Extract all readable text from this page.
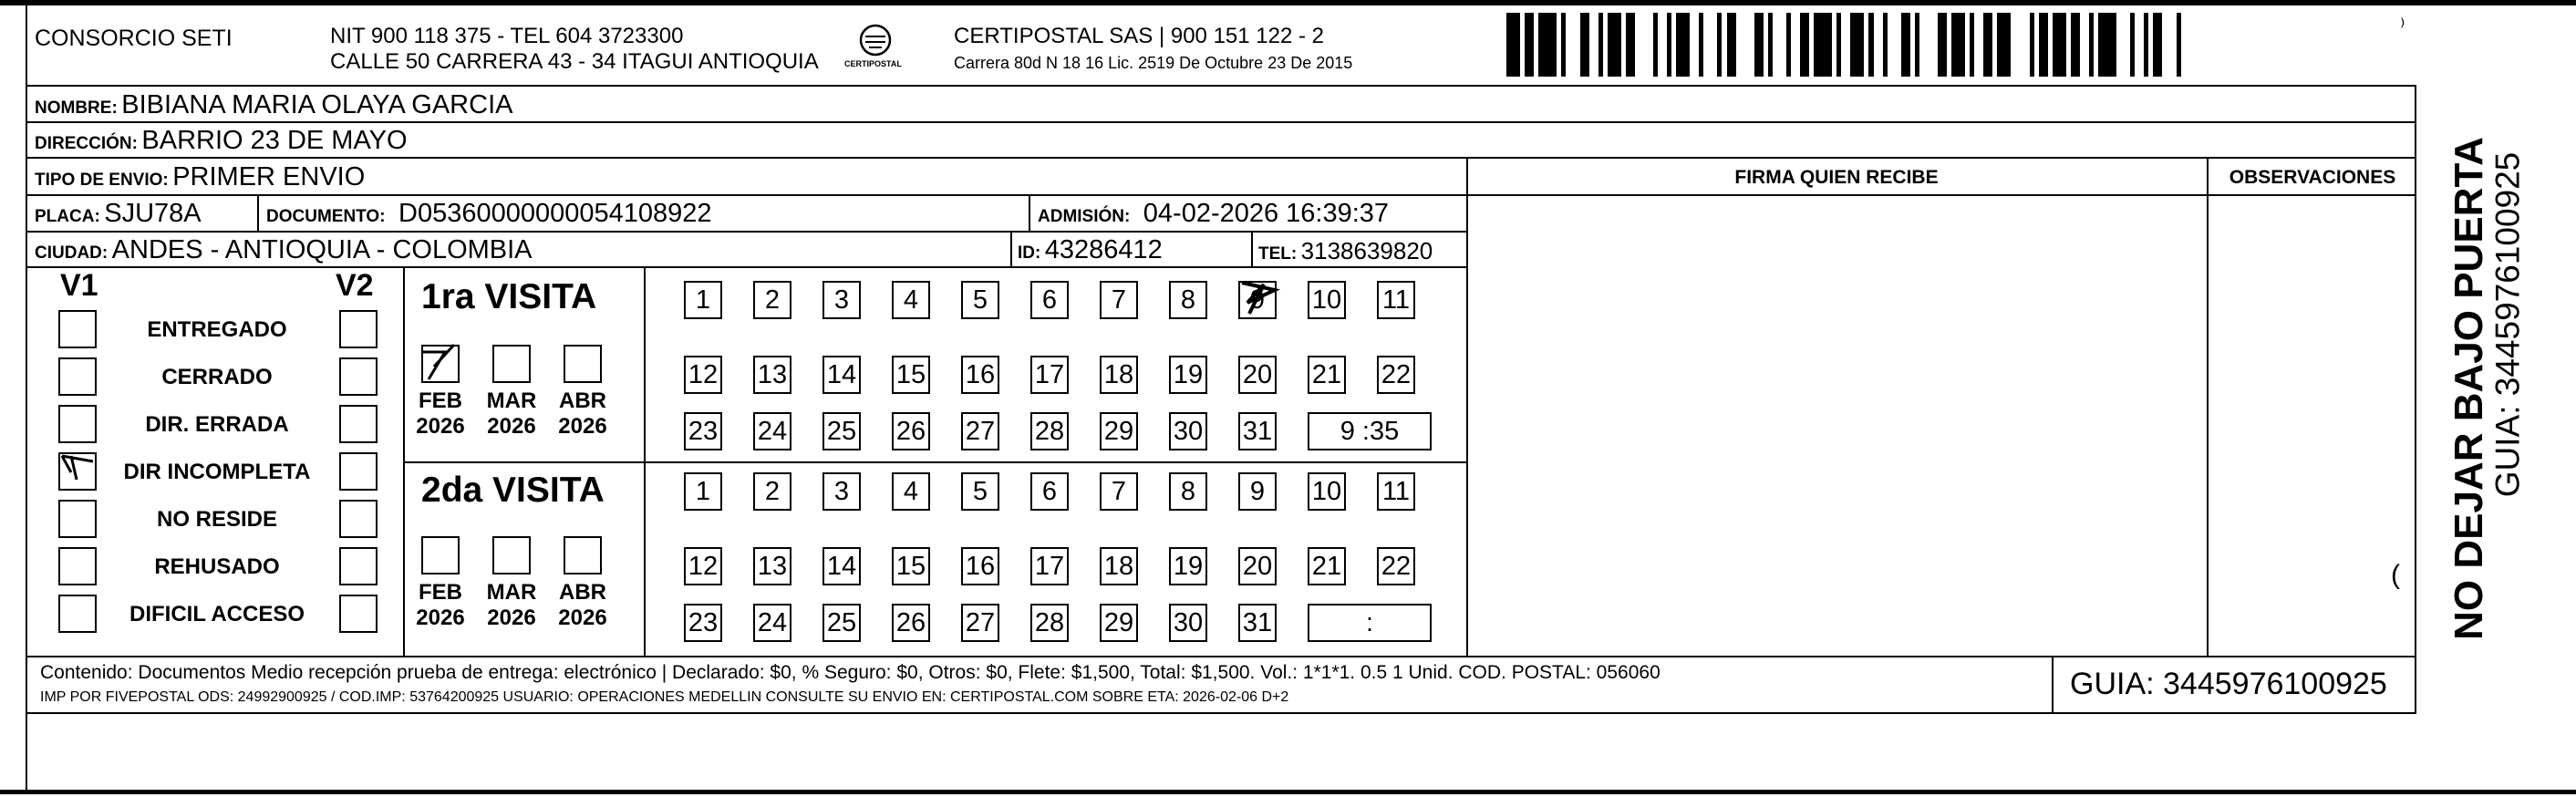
CONSORCIO SETI	NIT 900 118 375 - TEL 604 3723300
CALLE 50 CARRERA 43 - 34 ITAGUI ANTIOQUIA	CERTIPOSTAL
CERTIPOSTAL SAS | 900 151 122 - 2
Carrera 80d N 18 16 Lic. 2519 De Octubre 23 De 2015
⁾
NOMBRE: BIBIANA MARIA OLAYA GARCIA
DIRECCIÓN: BARRIO 23 DE MAYO
TIPO DE ENVIO: PRIMER ENVIO
PLACA: SJU78A	DOCUMENTO: D05360000000054108922	ADMISIÓN: 04-02-2026 16:39:37
CIUDAD: ANDES - ANTIOQUIA - COLOMBIA	ID: 43286412	TEL: 3138639820
FIRMA QUIEN RECIBE	OBSERVACIONES
(
V1	V2 1ra VISITA
2da VISITA
Contenido: Documentos Medio recepción prueba de entrega: electrónico | Declarado: $0, % Seguro: $0, Otros: $0, Flete: $1,500, Total: $1,500. Vol.: 1*1*1. 0.5 1 Unid. COD. POSTAL: 056060
IMP POR FIVEPOSTAL ODS: 24992900925 / COD.IMP: 53764200925 USUARIO: OPERACIONES MEDELLIN CONSULTE SU ENVIO EN: CERTIPOSTAL.COM SOBRE ETA: 2026-02-06 D+2	GUIA: 3445976100925
NO DEJAR BAJO PUERTA
GUIA: 3445976100925
ENTREGADO
CERRADO
DIR. ERRADA
DIR INCOMPLETA
NO RESIDE
REHUSADO
DIFICIL ACCESO
FEB
2026
MAR
2026
ABR
2026
1	2	3	4	5	6	7	8	9	10 11
12 13 14 15 16 17 18 19 20 21 22
23 24 25 26 27 28 29 30 31	9 :35
FEB
2026
MAR
2026
ABR
2026
1	2	3	4	5	6	7	8	9	10 11
12 13 14 15 16 17 18 19 20 21 22
23 24 25 26 27 28 29 30 31	:
